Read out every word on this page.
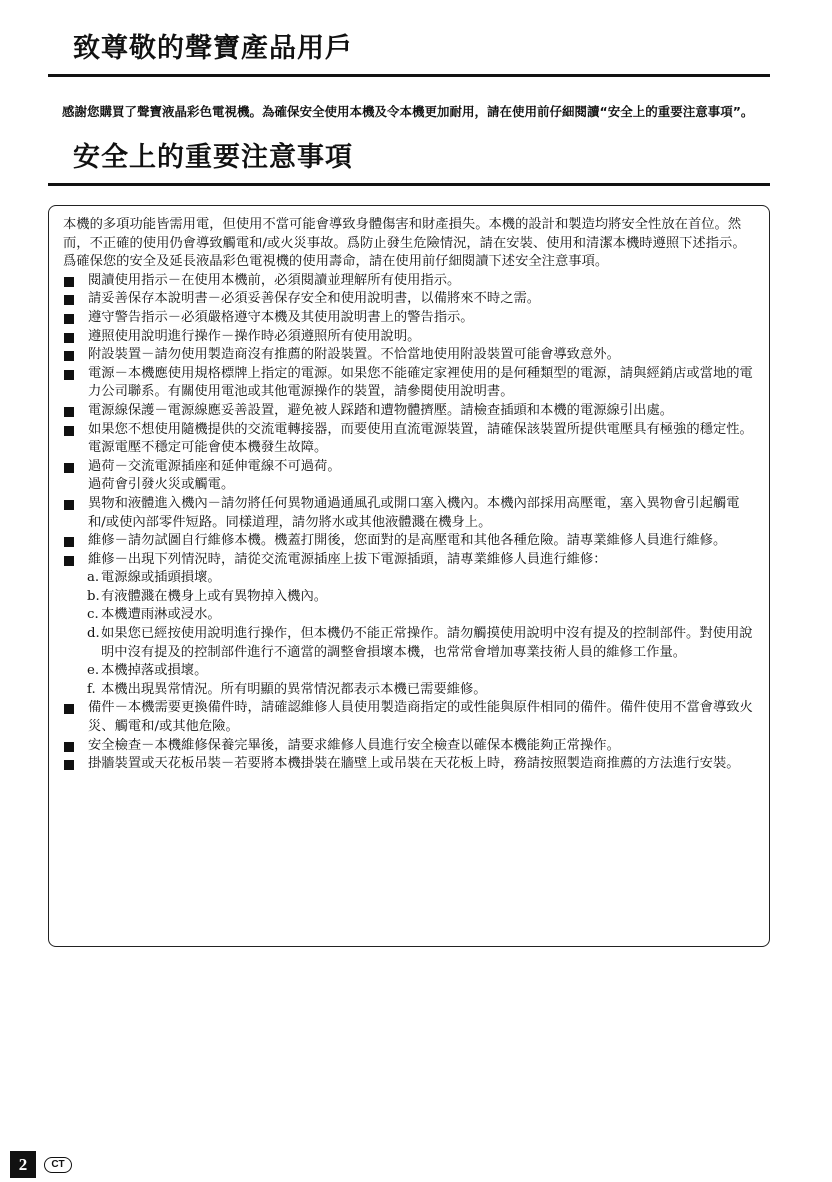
致尊敬的聲寶產品用戶

感謝您購買了聲寶液晶彩色電視機。為確保安全使用本機及令本機更加耐用，請在使用前仔細閱讀“安全上的重要注意事項”。

安全上的重要注意事項

本機的多項功能皆需用電，但使用不當可能會導致身體傷害和財產損失。本機的設計和製造均將安全性放在首位。然而，不正確的使用仍會導致觸電和/或火災事故。爲防止發生危險情況，請在安裝、使用和清潔本機時遵照下述指示。爲確保您的安全及延長液晶彩色電視機的使用壽命，請在使用前仔細閱讀下述安全注意事項。

閱讀使用指示－在使用本機前，必須閱讀並理解所有使用指示。
請妥善保存本說明書－必須妥善保存安全和使用說明書，以備將來不時之需。
遵守警告指示－必須嚴格遵守本機及其使用說明書上的警告指示。
遵照使用說明進行操作－操作時必須遵照所有使用說明。
附設裝置－請勿使用製造商沒有推薦的附設裝置。不恰當地使用附設裝置可能會導致意外。
電源－本機應使用規格標牌上指定的電源。如果您不能確定家裡使用的是何種類型的電源，請與經銷店或當地的電力公司聯系。有關使用電池或其他電源操作的裝置，請參閱使用說明書。
電源線保護－電源線應妥善設置，避免被人踩踏和遭物體擠壓。請檢查插頭和本機的電源線引出處。
如果您不想使用隨機提供的交流電轉接器，而要使用直流電源裝置，請確保該裝置所提供電壓具有極強的穩定性。電源電壓不穩定可能會使本機發生故障。
過荷－交流電源插座和延伸電線不可過荷。
過荷會引發火災或觸電。
異物和液體進入機內－請勿將任何異物通過通風孔或開口塞入機內。本機內部採用高壓電，塞入異物會引起觸電和/或使內部零件短路。同樣道理，請勿將水或其他液體濺在機身上。
維修－請勿試圖自行維修本機。機蓋打開後，您面對的是高壓電和其他各種危險。請專業維修人員進行維修。
維修－出現下列情況時，請從交流電源插座上拔下電源插頭，請專業維修人員進行維修：
a. 電源線或插頭損壞。
b. 有液體濺在機身上或有異物掉入機內。
c. 本機遭雨淋或浸水。
d. 如果您已經按使用說明進行操作，但本機仍不能正常操作。請勿觸摸使用說明中沒有提及的控制部件。對使用說明中沒有提及的控制部件進行不適當的調整會損壞本機，也常常會增加專業技術人員的維修工作量。
e. 本機掉落或損壞。
f. 本機出現異常情況。所有明顯的異常情況都表示本機已需要維修。
備件－本機需要更換備件時，請確認維修人員使用製造商指定的或性能與原件相同的備件。備件使用不當會導致火災、觸電和/或其他危險。
安全檢查－本機維修保養完畢後，請要求維修人員進行安全檢查以確保本機能夠正常操作。
掛牆裝置或天花板吊裝－若要將本機掛裝在牆壁上或吊裝在天花板上時，務請按照製造商推薦的方法進行安裝。
2	CT
